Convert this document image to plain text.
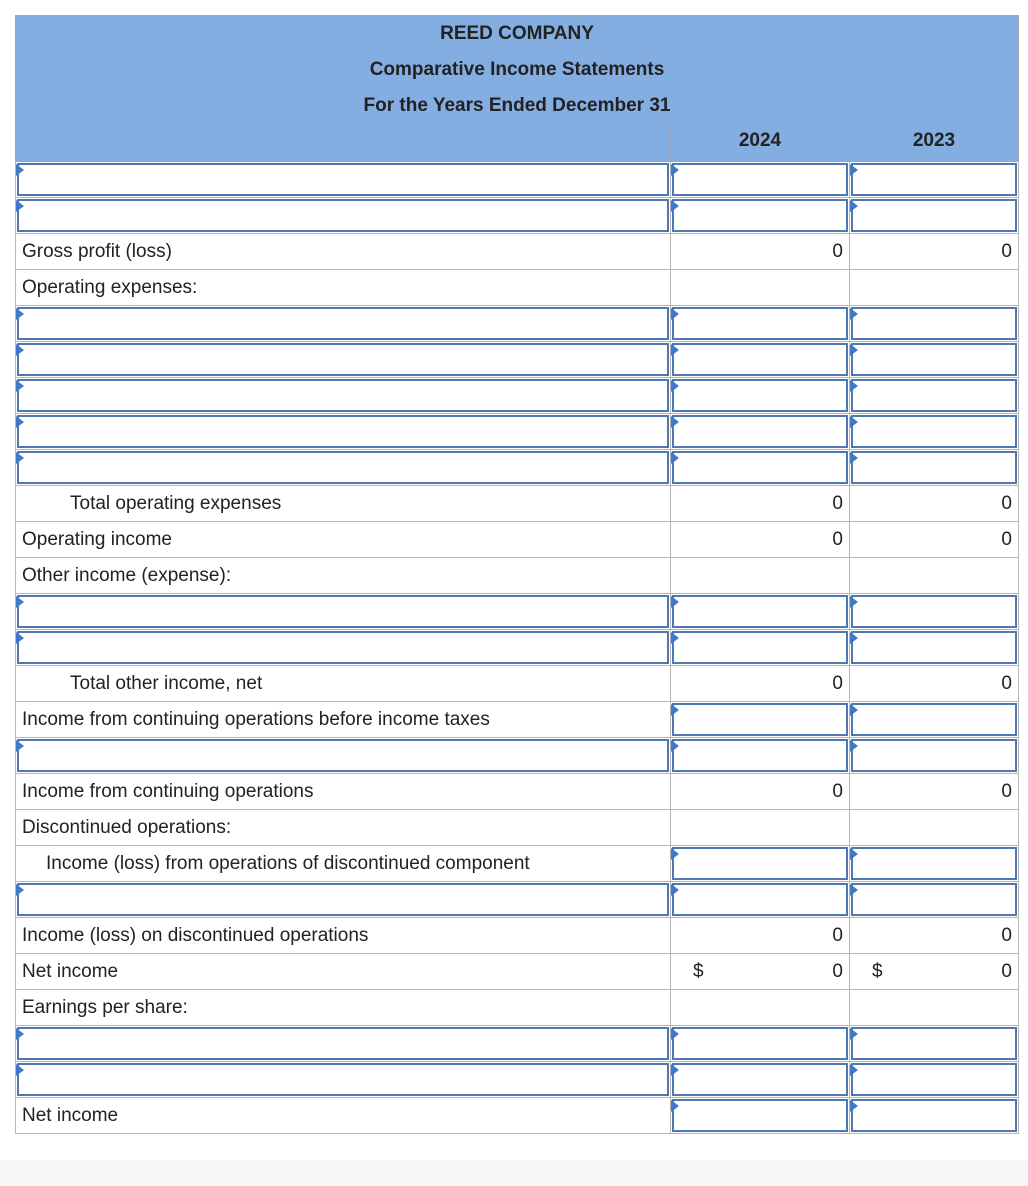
REED COMPANY		
Comparative Income Statements		
For the Years Ended December 31		
	2024	2023

Gross profit (loss)	0	0
Operating expenses:		

Total operating expenses	0	0
Operating income	0	0
Other income (expense):		

Total other income, net	0	0
Income from continuing operations before income taxes	

Income from continuing operations	0	0
Discontinued operations:		
Income (loss) from operations of discontinued component	

Income (loss) on discontinued operations	0	0
Net income	$ 0	$ 0
Earnings per share:		

Net income	
